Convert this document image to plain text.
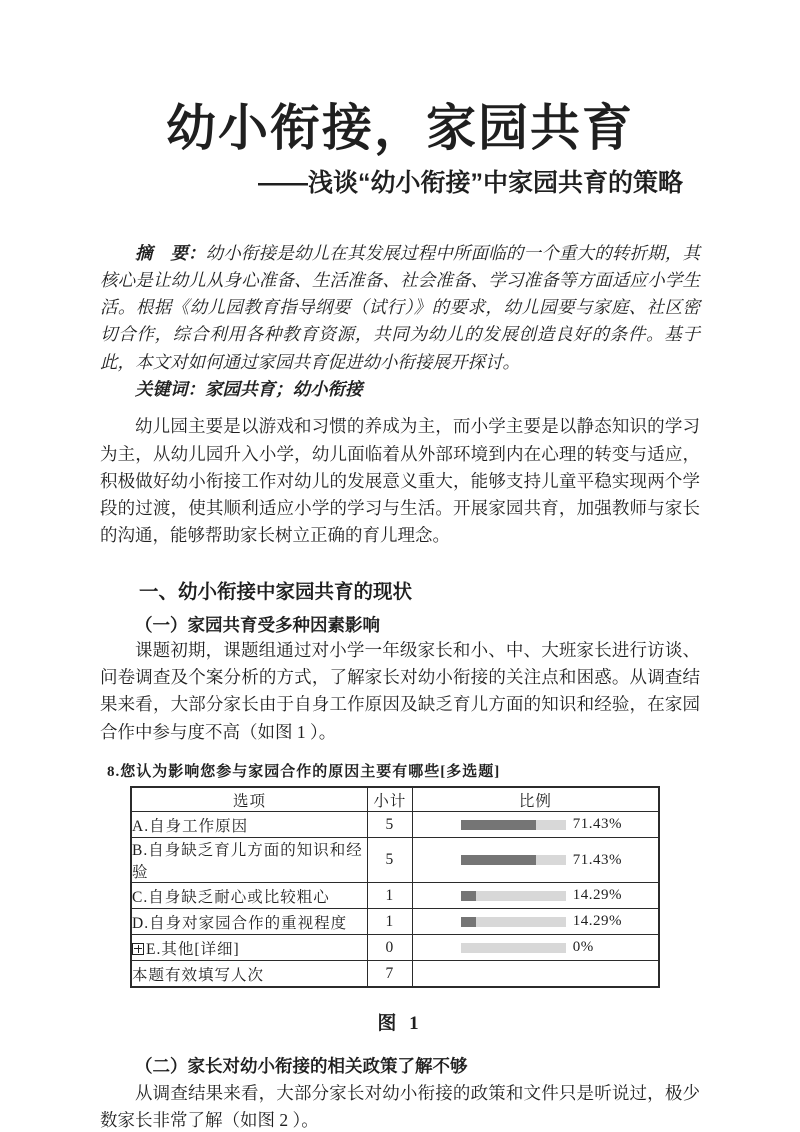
幼小衔接，家园共育
——浅谈“幼小衔接”中家园共育的策略

摘　要：幼小衔接是幼儿在其发展过程中所面临的一个重大的转折期，其核心是让幼儿从身心准备、生活准备、社会准备、学习准备等方面适应小学生活。根据《幼儿园教育指导纲要（试行）》的要求，幼儿园要与家庭、社区密切合作，综合利用各种教育资源，共同为幼儿的发展创造良好的条件。基于此，本文对如何通过家园共育促进幼小衔接展开探讨。

关键词：家园共育；幼小衔接

幼儿园主要是以游戏和习惯的养成为主，而小学主要是以静态知识的学习为主，从幼儿园升入小学，幼儿面临着从外部环境到内在心理的转变与适应，积极做好幼小衔接工作对幼儿的发展意义重大，能够支持儿童平稳实现两个学段的过渡，使其顺利适应小学的学习与生活。开展家园共育，加强教师与家长的沟通，能够帮助家长树立正确的育儿理念。

一、幼小衔接中家园共育的现状
（一）家园共育受多种因素影响

课题初期，课题组通过对小学一年级家长和小、中、大班家长进行访谈、问卷调查及个案分析的方式，了解家长对幼小衔接的关注点和困惑。从调查结果来看，大部分家长由于自身工作原因及缺乏育儿方面的知识和经验，在家园合作中参与度不高（如图 1 ）。

8.您认为影响您参与家园合作的原因主要有哪些[多选题]
选项	小计	比例
A.自身工作原因	5	71.43%

B.自身缺乏育儿方面的知识和经验	5	71.43%

C.自身缺乏耐心或比较粗心	1	14.29%

D.自身对家园合作的重视程度	1	14.29%

E.其他[详细]	0	0%

本题有效填写人次	7	
图 1
（二）家长对幼小衔接的相关政策了解不够

从调查结果来看，大部分家长对幼小衔接的政策和文件只是听说过，极少数家长非常了解（如图 2 ）。
